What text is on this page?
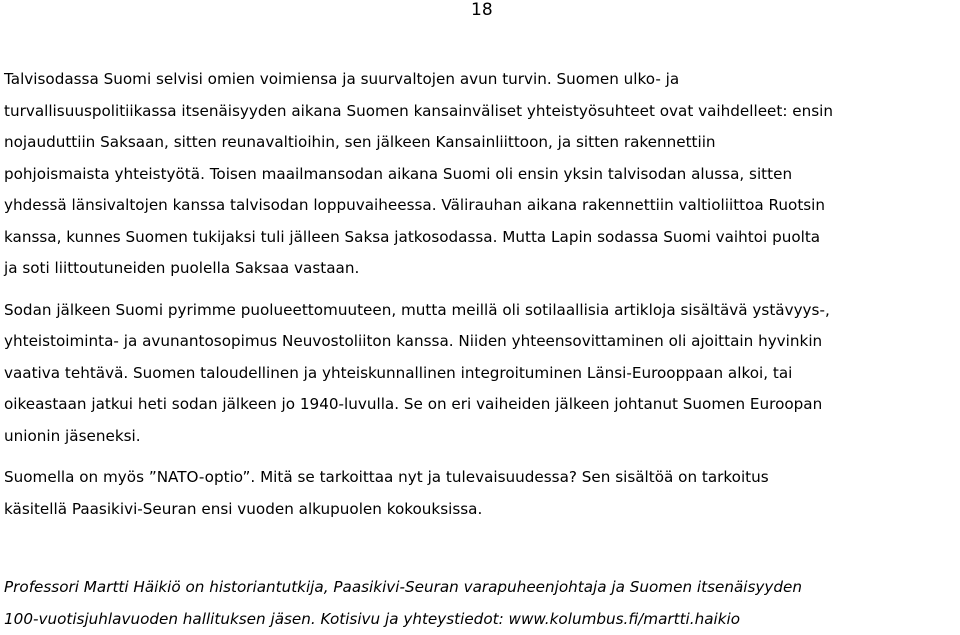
18

Talvisodassa Suomi selvisi omien voimiensa ja suurvaltojen avun turvin. Suomen ulko- ja
turvallisuuspolitiikassa itsenäisyyden aikana Suomen kansainväliset yhteistyösuhteet ovat vaihdelleet: ensin
nojauduttiin Saksaan, sitten reunavaltioihin, sen jälkeen Kansainliittoon, ja sitten rakennettiin
pohjoismaista yhteistyötä. Toisen maailmansodan aikana Suomi oli ensin yksin talvisodan alussa, sitten
yhdessä länsivaltojen kanssa talvisodan loppuvaiheessa. Välirauhan aikana rakennettiin valtioliittoa Ruotsin
kanssa, kunnes Suomen tukijaksi tuli jälleen Saksa jatkosodassa. Mutta Lapin sodassa Suomi vaihtoi puolta
ja soti liittoutuneiden puolella Saksaa vastaan.

Sodan jälkeen Suomi pyrimme puolueettomuuteen, mutta meillä oli sotilaallisia artikloja sisältävä ystävyys-,
yhteistoiminta- ja avunantosopimus Neuvostoliiton kanssa. Niiden yhteensovittaminen oli ajoittain hyvinkin
vaativa tehtävä. Suomen taloudellinen ja yhteiskunnallinen integroituminen Länsi-Eurooppaan alkoi, tai
oikeastaan jatkui heti sodan jälkeen jo 1940-luvulla. Se on eri vaiheiden jälkeen johtanut Suomen Euroopan
unionin jäseneksi.

Suomella on myös ”NATO-optio”. Mitä se tarkoittaa nyt ja tulevaisuudessa? Sen sisältöä on tarkoitus
käsitellä Paasikivi-Seuran ensi vuoden alkupuolen kokouksissa.

Professori Martti Häikiö on historiantutkija, Paasikivi-Seuran varapuheenjohtaja ja Suomen itsenäisyyden
100-vuotisjuhlavuoden hallituksen jäsen. Kotisivu ja yhteystiedot: www.kolumbus.fi/martti.haikio
